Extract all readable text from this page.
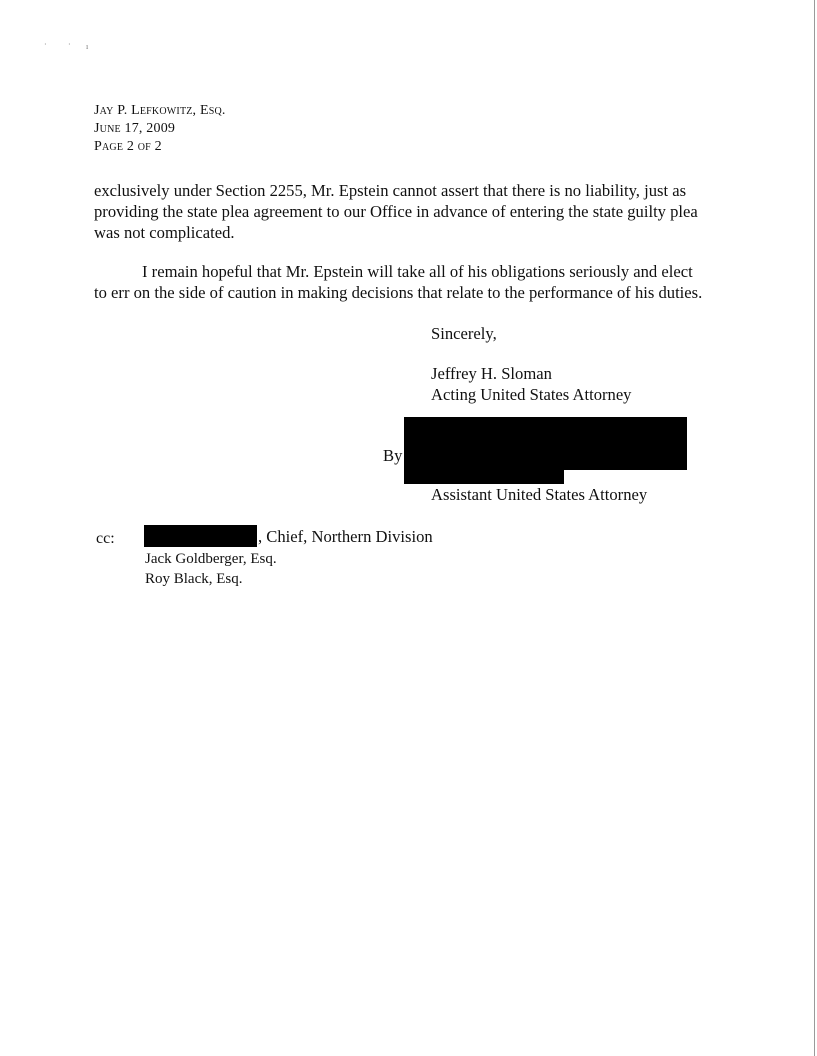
·	· ı
Jay P. Lefkowitz, Esq.
June 17, 2009
Page 2 of 2

exclusively under Section 2255, Mr. Epstein cannot assert that there is no liability, just as
providing the state plea agreement to our Office in advance of entering the state guilty plea
was not complicated.

I remain hopeful that Mr. Epstein will take all of his obligations seriously and elect
to err on the side of caution in making decisions that relate to the performance of his duties.

Sincerely,
Jeffrey H. Sloman
Acting United States Attorney
By
Assistant United States Attorney
cc:	, Chief, Northern Division
Jack Goldberger, Esq.
Roy Black, Esq.
